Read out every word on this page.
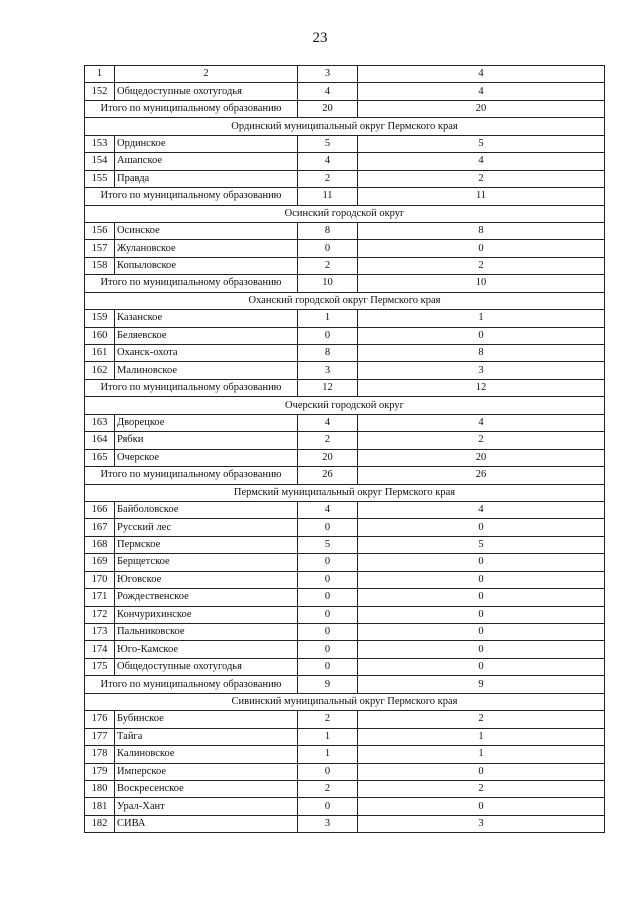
23
1	2	3	4
152	Общедоступные охотугодья	4	4
Итого по муниципальному образованию		20	20
Ординский муниципальный округ Пермского края			
153	Ординское	5	5
154	Ашапское	4	4
155	Правда	2	2
Итого по муниципальному образованию		11	11
Осинский городской округ			
156	Осинское	8	8
157	Жулановское	0	0
158	Копыловское	2	2
Итого по муниципальному образованию		10	10
Оханский городской округ Пермского края			
159	Казанское	1	1
160	Беляевское	0	0
161	Оханск-охота	8	8
162	Малиновское	3	3
Итого по муниципальному образованию		12	12
Очерский городской округ			
163	Дворецкое	4	4
164	Рябки	2	2
165	Очерское	20	20
Итого по муниципальному образованию		26	26
Пермский муниципальный округ Пермского края			
166	Байболовское	4	4
167	Русский лес	0	0
168	Пермское	5	5
169	Берщетское	0	0
170	Юговское	0	0
171	Рождественское	0	0
172	Кончурихинское	0	0
173	Пальниковское	0	0
174	Юго-Камское	0	0
175	Общедоступные охотугодья	0	0
Итого по муниципальному образованию		9	9
Сивинский муниципальный округ Пермского края			
176	Бубинское	2	2
177	Тайга	1	1
178	Калиновское	1	1
179	Имперское	0	0
180	Воскресенское	2	2
181	Урал-Хант	0	0
182	СИВА	3	3
